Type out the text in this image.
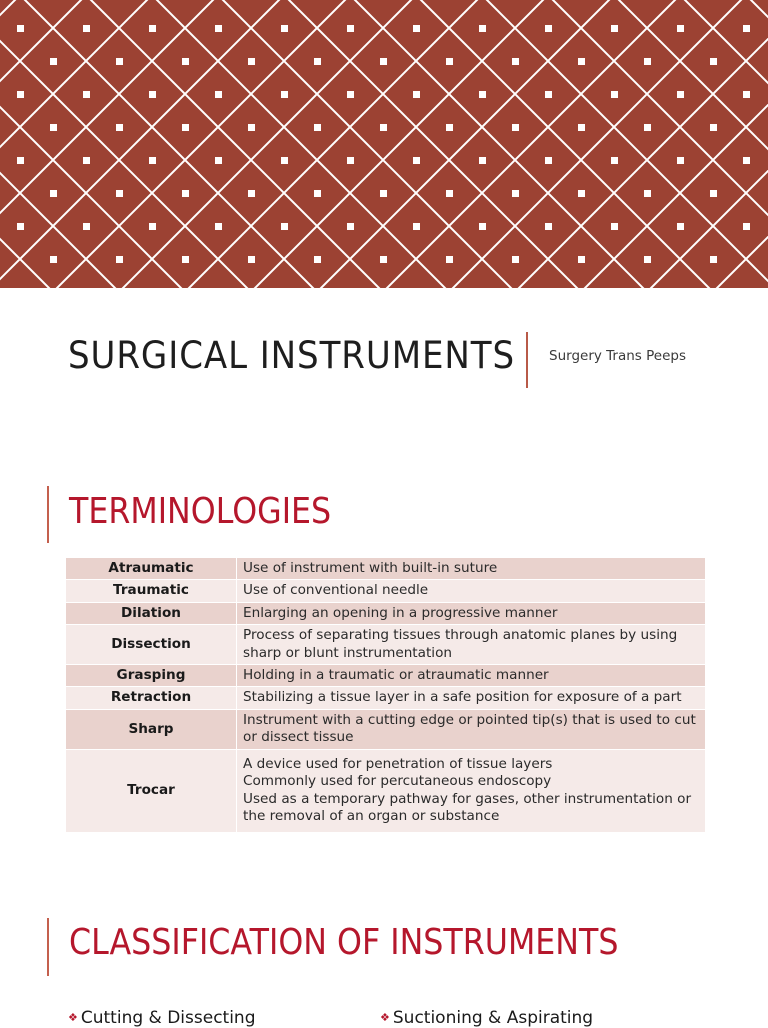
SURGICAL INSTRUMENTS	Surgery Trans Peeps
TERMINOLOGIES
Atraumatic	Use of instrument with built-in suture

Traumatic	Use of conventional needle

Dilation	Enlarging an opening in a progressive manner

Dissection	Process of separating tissues through anatomic planes by using
sharp or blunt instrumentation

Grasping	Holding in a traumatic or atraumatic manner

Retraction	Stabilizing a tissue layer in a safe position for exposure of a part

Sharp	Instrument with a cutting edge or pointed tip(s) that is used to cut
or dissect tissue

Trocar	A device used for penetration of tissue layers
Commonly used for percutaneous endoscopy
Used as a temporary pathway for gases, other instrumentation or
the removal of an organ or substance
CLASSIFICATION OF INSTRUMENTS
❖ Cutting & Dissecting	❖ Suctioning & Aspirating
